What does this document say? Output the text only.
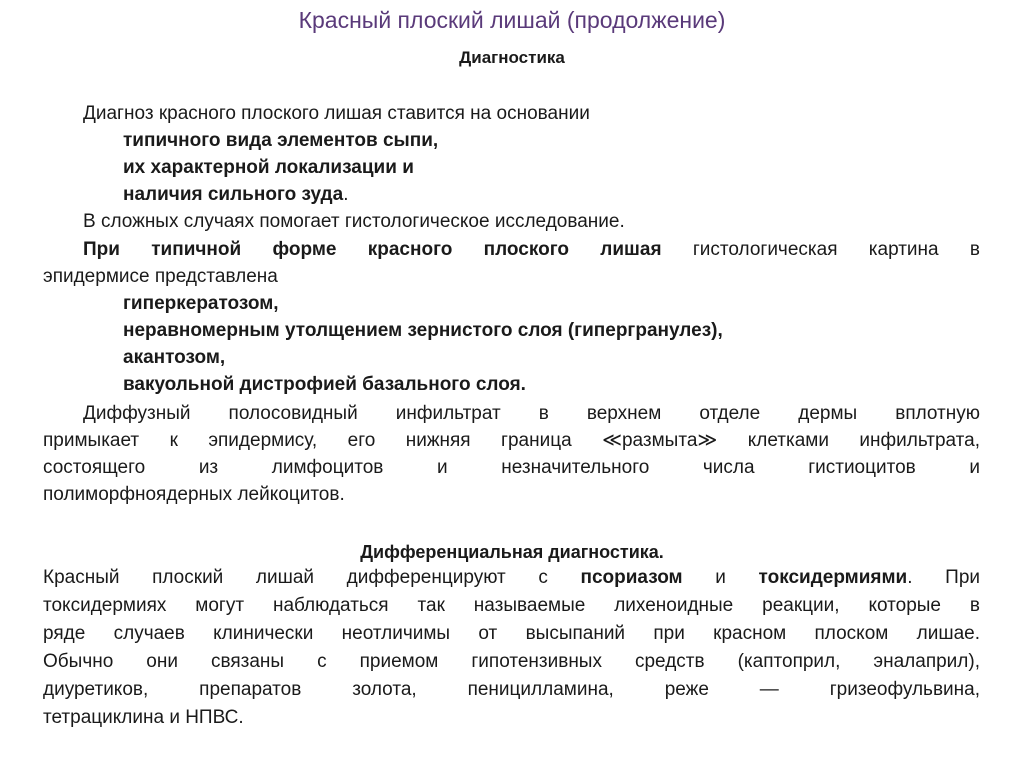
Красный плоский лишай (продолжение)
Диагностика
Диагноз красного плоского лишая ставится на основании
типичного вида элементов сыпи,
их характерной локализации и
наличия сильного зуда.
В сложных случаях помогает гистологическое исследование.
При типичной форме красного плоского лишая гистологическая картина в
эпидермисе представлена
гиперкератозом,
неравномерным утолщением зернистого слоя (гипергранулез),
акантозом,
вакуольной дистрофией базального слоя.
Диффузный полосовидный инфильтрат в верхнем отделе дермы вплотную
примыкает к эпидермису, его нижняя граница ≪размыта≫ клетками инфильтрата,
состоящего из лимфоцитов и незначительного числа гистиоцитов и
полиморфноядерных лейкоцитов.
Дифференциальная диагностика.
Красный плоский лишай дифференцируют с псориазом и токсидермиями. При
токсидермиях могут наблюдаться так называемые лихеноидные реакции, которые в
ряде случаев клинически неотличимы от высыпаний при красном плоском лишае.
Обычно они связаны с приемом гипотензивных средств (каптоприл, эналаприл),
диуретиков, препаратов золота, пеницилламина, реже — гризеофульвина,
тетрациклина и НПВС.
